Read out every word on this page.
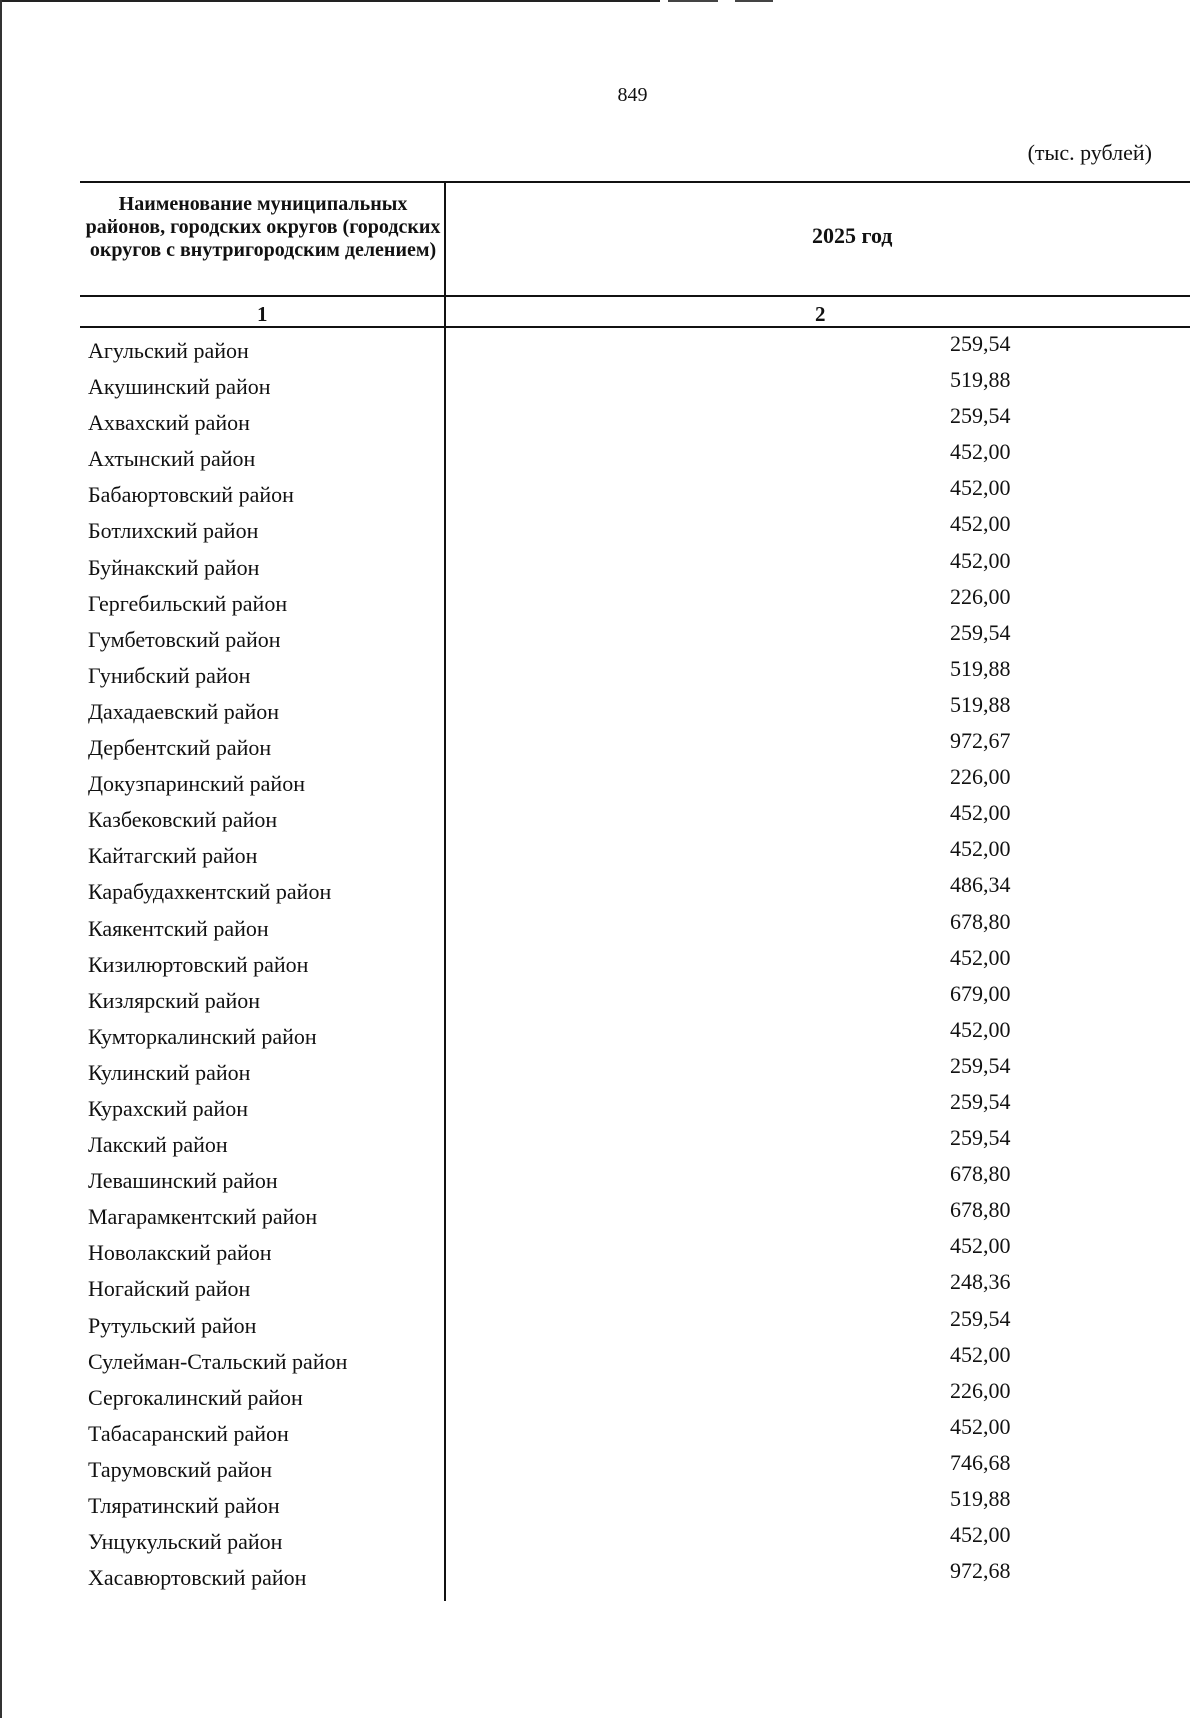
849
(тыс. рублей)
Наименование муниципальных районов, городских округов (городских округов с внутригородским делением)
2025 год
1	2
Агульский район	259,54
Акушинский район	519,88
Ахвахский район	259,54
Ахтынский район	452,00
Бабаюртовский район	452,00
Ботлихский район	452,00
Буйнакский район	452,00
Гергебильский район	226,00
Гумбетовский район	259,54
Гунибский район	519,88
Дахадаевский район	519,88
Дербентский район	972,67
Докузпаринский район	226,00
Казбековский район	452,00
Кайтагский район	452,00
Карабудахкентский район	486,34
Каякентский район	678,80
Кизилюртовский район	452,00
Кизлярский район	679,00
Кумторкалинский район	452,00
Кулинский район	259,54
Курахский район	259,54
Лакский район	259,54
Левашинский район	678,80
Магарамкентский район	678,80
Новолакский район	452,00
Ногайский район	248,36
Рутульский район	259,54
Сулейман-Стальский район	452,00
Сергокалинский район	226,00
Табасаранский район	452,00
Тарумовский район	746,68
Тляратинский район	519,88
Унцукульский район	452,00
Хасавюртовский район	972,68
